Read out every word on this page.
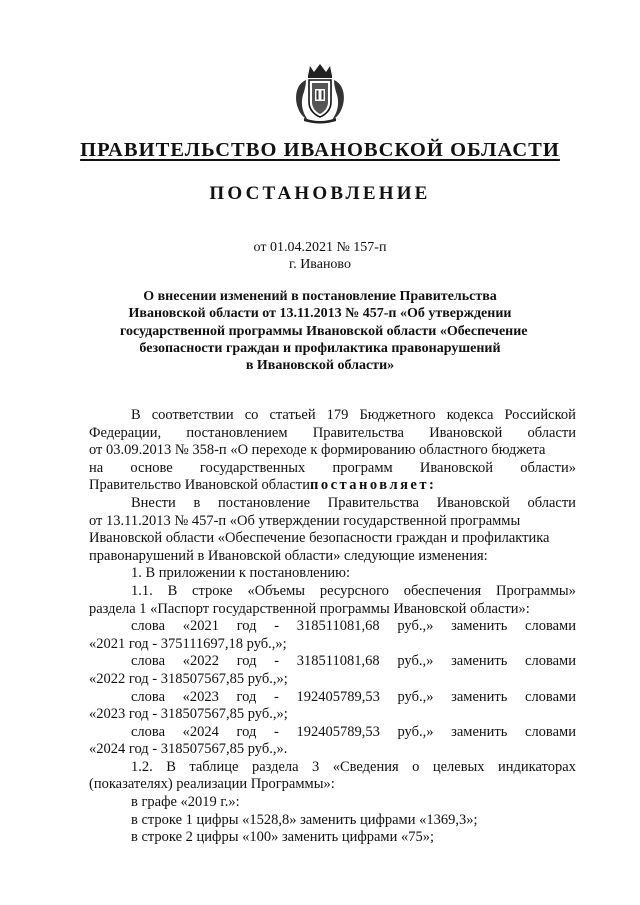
ПРАВИТЕЛЬСТВО ИВАНОВСКОЙ ОБЛАСТИ
ПОСТАНОВЛЕНИЕ
от 01.04.2021 № 157-п
г. Иваново
О внесении изменений в постановление Правительства
Ивановской области от 13.11.2013 № 457-п «Об утверждении
государственной программы Ивановской области «Обеспечение
безопасности граждан и профилактика правонарушений
в Ивановской области»
В соответствии со статьей 179 Бюджетного кодекса Российской
Федерации, постановлением Правительства Ивановской области
от 03.09.2013 № 358-п «О переходе к формированию областного бюджета
на основе государственных программ Ивановской области»
Правительство Ивановской области постановляет:
Внести в постановление Правительства Ивановской области
от 13.11.2013 № 457-п «Об утверждении государственной программы
Ивановской области «Обеспечение безопасности граждан и профилактика
правонарушений в Ивановской области» следующие изменения:
1. В приложении к постановлению:
1.1. В строке «Объемы ресурсного обеспечения Программы»
раздела 1 «Паспорт государственной программы Ивановской области»:
слова «2021 год - 318511081,68 руб.,» заменить словами
«2021 год - 375111697,18 руб.,»;
слова «2022 год - 318511081,68 руб.,» заменить словами
«2022 год - 318507567,85 руб.,»;
слова «2023 год - 192405789,53 руб.,» заменить словами
«2023 год - 318507567,85 руб.,»;
слова «2024 год - 192405789,53 руб.,» заменить словами
«2024 год - 318507567,85 руб.,».
1.2. В таблице раздела 3 «Сведения о целевых индикаторах
(показателях) реализации Программы»:
в графе «2019 г.»:
в строке 1 цифры «1528,8» заменить цифрами «1369,3»;
в строке 2 цифры «100» заменить цифрами «75»;
